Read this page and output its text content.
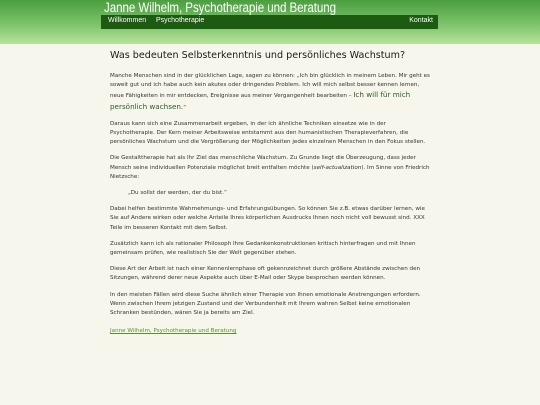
Janne Wilhelm, Psychotherapie und Beratung
Willkommen Psychotherapie	Kontakt
Was bedeuten Selbsterkenntnis und persönliches Wachstum?

Manche Menschen sind in der glücklichen Lage, sagen zu können: „Ich bin glücklich in meinem Leben. Mir geht es soweit gut und ich habe auch kein akutes oder dringendes Problem. Ich will mich selbst besser kennen lernen, neue Fähigkeiten in mir entdecken, Ereignisse aus meiner Vergangenheit bearbeiten – Ich will für mich persönlich wachsen.“

Daraus kann sich eine Zusammenarbeit ergeben, in der ich ähnliche Techniken einsetze wie in der Psychotherapie. Der Kern meiner Arbeitsweise entstammt aus den humanistischen Therapieverfahren, die persönliches Wachstum und die Vergrößerung der Möglichkeiten jedes einzelnen Menschen in den Fokus stellen.

Die Gestalttherapie hat als Ihr Ziel das menschliche Wachstum. Zu Grunde liegt die Überzeugung, dass jeder Mensch seine individuellen Potenziale möglichst breit entfalten möchte (self-actualization). Im Sinne von Friedrich Nietzsche:

„Du sollst der werden, der du bist.“

Dabei helfen bestimmte Wahrnehmungs- und Erfahrungsübungen. So können Sie z.B. etwas darüber lernen, wie Sie auf Andere wirken oder welche Anteile Ihres körperlichen Ausdrucks Ihnen noch nicht voll bewusst sind. XXX Teile im besseren Kontakt mit dem Selbst.

Zusätzlich kann ich als rationaler Philosoph Ihre Gedankenkonstruktionen kritisch hinterfragen und mit Ihnen gemeinsam prüfen, wie realistisch Sie der Welt gegenüber stehen.

Diese Art der Arbeit ist nach einer Kennenlernphase oft gekennzeichnet durch größere Abstände zwischen den Sitzungen, während derer neue Aspekte auch über E-Mail oder Skype besprochen werden können.

In den meisten Fällen wird diese Suche ähnlich einer Therapie von Ihnen emotionale Anstrengungen erfordern. Wenn zwischen Ihrem jetzigen Zustand und der Verbundenheit mit Ihrem wahren Selbst keine emotionalen Schranken bestünden, wären Sie ja bereits am Ziel.

Janne Wilhelm, Psychotherapie und Beratung
